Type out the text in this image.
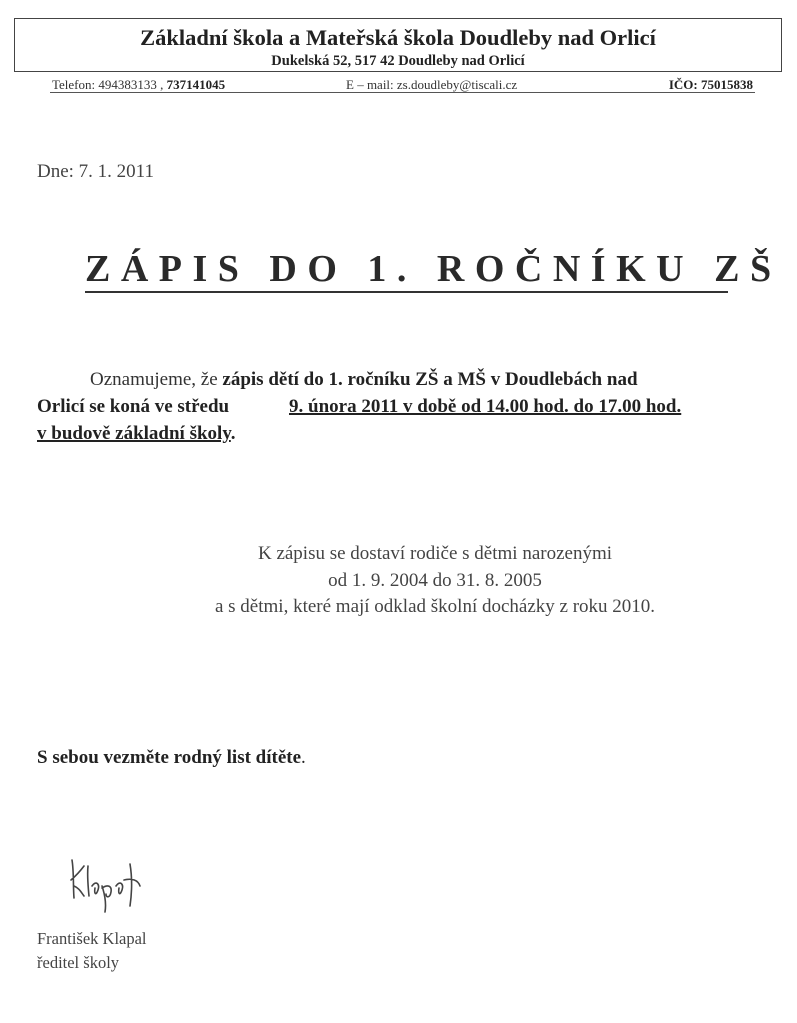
Základní škola a Mateřská škola Doudleby nad Orlicí
Dukelská 52, 517 42 Doudleby nad Orlicí
Telefon: 494383133 , 737141045	E – mail: zs.doudleby@tiscali.cz	IČO: 75015838
Dne: 7. 1. 2011
ZÁPIS DO 1. ROČNÍKU ZŠ
Oznamujeme, že zápis dětí do 1. ročníku ZŠ a MŠ v Doudlebách nad
Orlicí se koná ve středu	9. února 2011 v době od 14.00 hod. do 17.00 hod.
v budově základní školy.
K zápisu se dostaví rodiče s dětmi narozenými
od 1. 9. 2004 do 31. 8. 2005
a s dětmi, které mají odklad školní docházky z roku 2010.
S sebou vezměte rodný list dítěte.
František Klapal
ředitel školy
